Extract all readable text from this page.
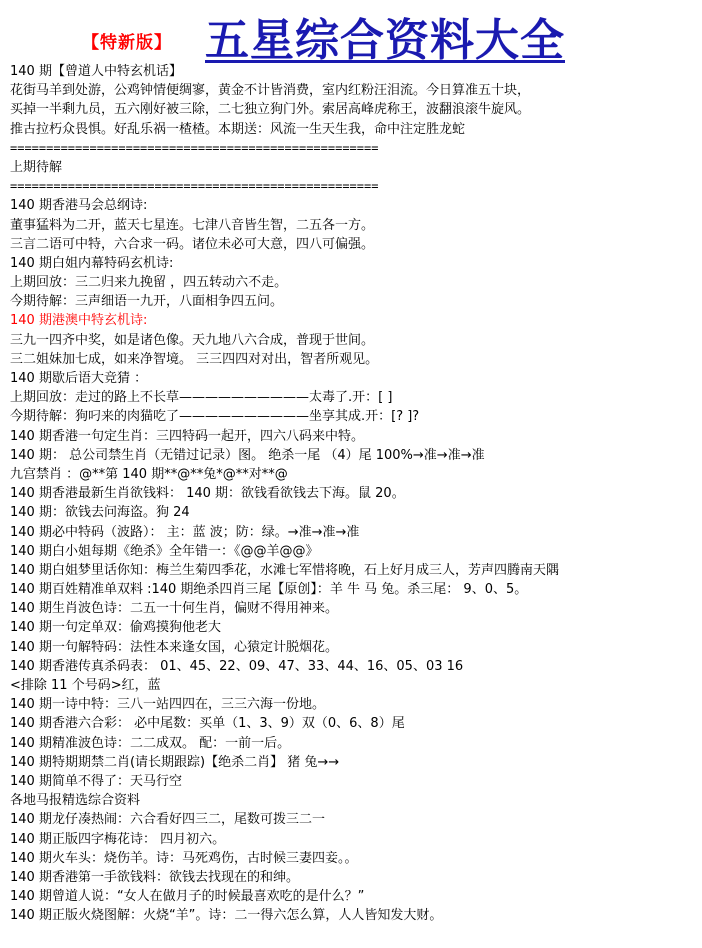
【特新版】 五星综合资料大全
140 期【曾道人中特玄机话】
花街马羊到处游，公鸡钟情便绸寥，黄金不计皆消费，室内红粉汪泪流。今日算准五十块，
买掉一半剩九员，五六刚好被三除，二七独立狗门外。索居高峰虎称王，波翻浪滚牛旋风。
推古拉朽众畏惧。好乱乐祸一楂楂。本期送：风流一生天生我，命中注定胜龙蛇
===================================================
上期待解
===================================================
140 期香港马会总纲诗:
董事猛料为二开，蓝天七星连。七津八音皆生智，二五各一方。
三言二语可中特，六合求一码。诸位未必可大意，四八可偏强。
140 期白姐内幕特码玄机诗:
上期回放：三二归来九挽留 ，四五转动六不走。
今期待解：三声细语一九开，八面相争四五问。
140 期港澳中特玄机诗:
三九一四齐中奖，如是诸色像。天九地八六合成，普现于世间。
三二姐妹加七成，如来净智境。 三三四四对对出，智者所观见。
140 期歇后语大竞猜 ：
上期回放：走过的路上不长草——————————太毒了.开：[ ]
今期待解：狗叼来的肉猫吃了——————————坐享其成.开：[? ]?
140 期香港一句定生肖：三四特码一起开，四六八码来中特。
140 期： 总公司禁生肖（无错过记录）图。 绝杀一尾 （4）尾 100%→准→准→准
九宫禁肖 ：@**第 140 期**@**兔*@**对**@
140 期香港最新生肖欲钱料： 140 期：欲钱看欲钱去下海。鼠 20。
140 期：欲钱去问海盗。狗 24
140 期必中特码（波路）： 主：蓝 波；防：绿。→准→准→准
140 期白小姐每期《绝杀》全年错一：《@@羊@@》
140 期白姐梦里话你知：梅兰生菊四季花，水滩七军惜将晚，石上好月成三人，芳声四腾南天隅
140 期百姓精准单双料 :140 期绝杀四肖三尾【原创】：羊 牛 马 兔。杀三尾： 9、0、5。
140 期生肖波色诗：二五一十何生肖，偏财不得用神来。
140 期一句定单双：偷鸡摸狗他老大
140 期一句解特码：法性本来逢女国，心猿定计脱烟花。
140 期香港传真杀码表： 01、45、22、09、47、33、44、16、05、03 16
<排除 11 个号码>红，蓝
140 期一诗中特：三八一站四四在，三三六海一份地。
140 期香港六合彩： 必中尾数：买单（1、3、9）双（0、6、8）尾
140 期精准波色诗：二二成双。 配：一前一后。
140 期特期期禁二肖(请长期跟踪)【绝杀二肖】 猪 兔→→
140 期简单不得了：天马行空
各地马报精选综合资料
140 期龙仔凑热闹：六合看好四三二，尾数可拨三二一
140 期正版四字梅花诗： 四月初六。
140 期火车头：烧伤羊。诗：马死鸡伤，古时候三妻四妾。。
140 期香港第一手欲钱料：欲钱去找现在的和绅。
140 期曾道人说：“女人在做月子的时候最喜欢吃的是什么？”
140 期正版火烧图解：火烧“羊”。诗：二一得六怎么算，人人皆知发大财。
